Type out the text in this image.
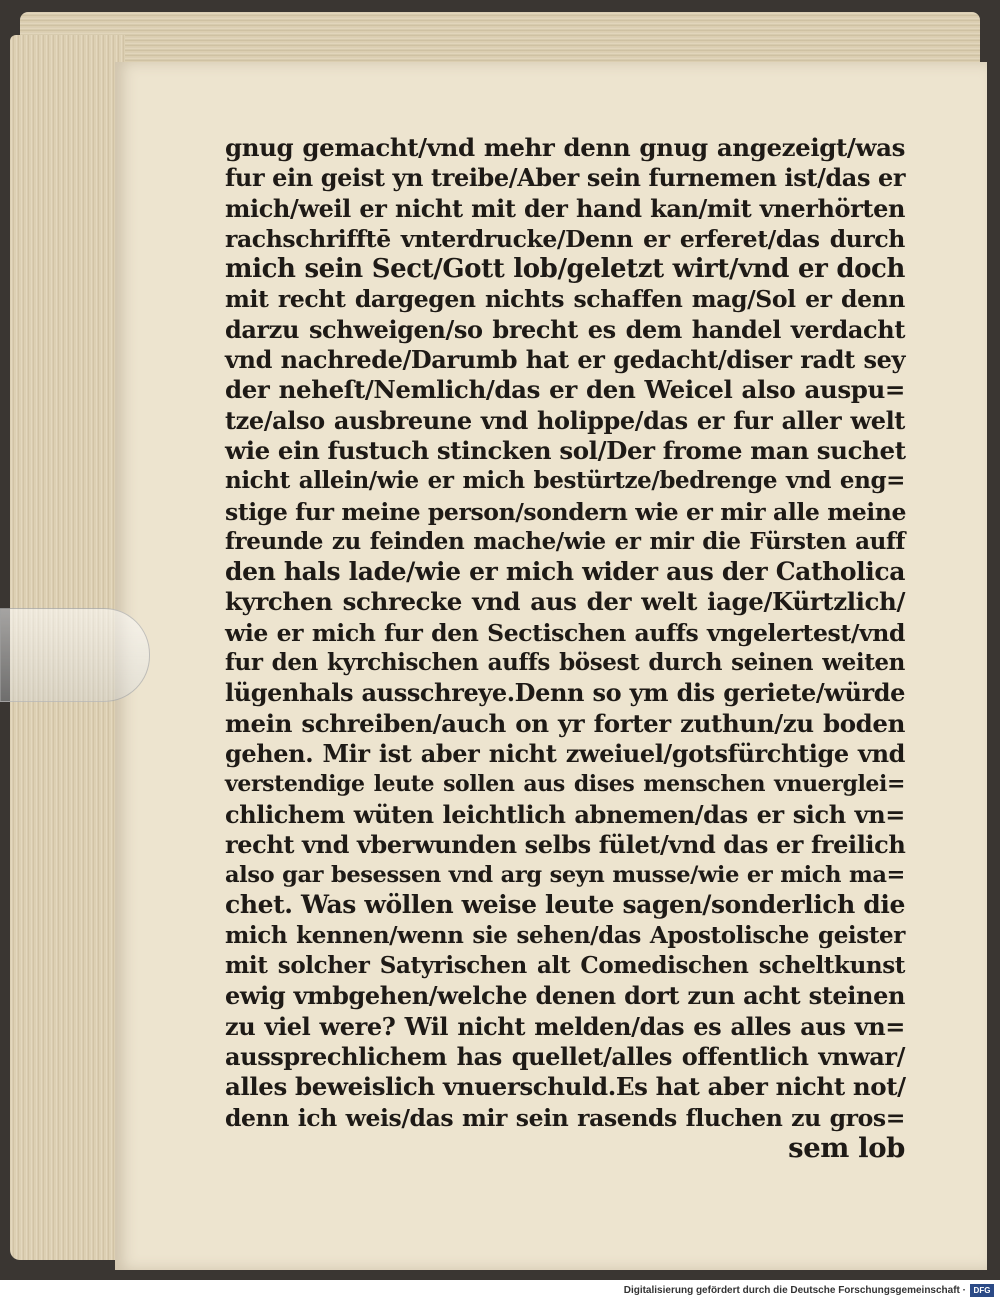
gnug gemacht/vnd mehr denn gnug angezeigt/was
fur ein geist yn treibe/Aber sein furnemen ist/das er
mich/weil er nicht mit der hand kan/mit vnerhörten
rachschrifftē vnterdrucke/Denn er erferet/das durch
mich sein Sect/Gott lob/geletzt wirt/vnd er doch
mit recht dargegen nichts schaffen mag/Sol er denn
darzu schweigen/so brecht es dem handel verdacht
vnd nachrede/Darumb hat er gedacht/diser radt sey
der neheſt/Nemlich/das er den Weicel also auspu=
tze/also ausbreune vnd holippe/das er fur aller welt
wie ein fustuch stincken sol/Der frome man suchet
nicht allein/wie er mich bestürtze/bedrenge vnd eng=
stige fur meine person/sondern wie er mir alle meine
freunde zu feinden mache/wie er mir die Fürsten auff
den hals lade/wie er mich wider aus der Catholica
kyrchen schrecke vnd aus der welt iage/Kürtzlich/
wie er mich fur den Sectischen auffs vngelertest/vnd
fur den kyrchischen auffs bösest durch seinen weiten
lügenhals ausschreye.Denn so ym dis geriete/würde
mein schreiben/auch on yr forter zuthun/zu boden
gehen. Mir ist aber nicht zweiuel/gotsfürchtige vnd
verstendige leute sollen aus dises menschen vnuerglei=
chlichem wüten leichtlich abnemen/das er sich vn=
recht vnd vberwunden selbs fület/vnd das er freilich
also gar besessen vnd arg seyn musse/wie er mich ma=
chet. Was wöllen weise leute sagen/sonderlich die
mich kennen/wenn sie sehen/das Apostolische geister
mit solcher Satyrischen alt Comedischen scheltkunst
ewig vmbgehen/welche denen dort zun acht steinen
zu viel were? Wil nicht melden/das es alles aus vn=
aussprechlichem has quellet/alles offentlich vnwar/
alles beweislich vnuerschuld.Es hat aber nicht not/
denn ich weis/das mir sein rasends fluchen zu gros=
sem lob
Digitalisierung gefördert durch die Deutsche Forschungsgemeinschaft · DFG
